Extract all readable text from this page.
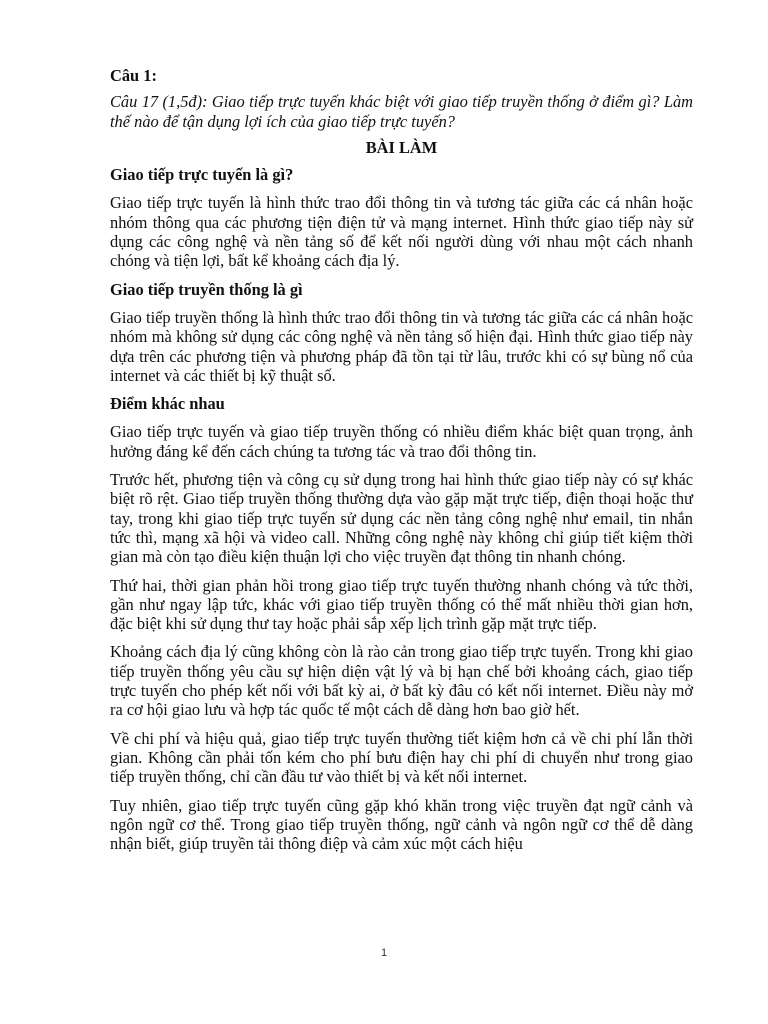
Câu 1:

Câu 17 (1,5đ): Giao tiếp trực tuyến khác biệt với giao tiếp truyền thống ở điểm gì? Làm thế nào để tận dụng lợi ích của giao tiếp trực tuyến?

BÀI LÀM

Giao tiếp trực tuyến là gì?

Giao tiếp trực tuyến là hình thức trao đổi thông tin và tương tác giữa các cá nhân hoặc nhóm thông qua các phương tiện điện tử và mạng internet. Hình thức giao tiếp này sử dụng các công nghệ và nền tảng số để kết nối người dùng với nhau một cách nhanh chóng và tiện lợi, bất kể khoảng cách địa lý.

Giao tiếp truyền thống là gì

Giao tiếp truyền thống là hình thức trao đổi thông tin và tương tác giữa các cá nhân hoặc nhóm mà không sử dụng các công nghệ và nền tảng số hiện đại. Hình thức giao tiếp này dựa trên các phương tiện và phương pháp đã tồn tại từ lâu, trước khi có sự bùng nổ của internet và các thiết bị kỹ thuật số.

Điểm khác nhau

Giao tiếp trực tuyến và giao tiếp truyền thống có nhiều điểm khác biệt quan trọng, ảnh hưởng đáng kể đến cách chúng ta tương tác và trao đổi thông tin.

Trước hết, phương tiện và công cụ sử dụng trong hai hình thức giao tiếp này có sự khác biệt rõ rệt. Giao tiếp truyền thống thường dựa vào gặp mặt trực tiếp, điện thoại hoặc thư tay, trong khi giao tiếp trực tuyến sử dụng các nền tảng công nghệ như email, tin nhắn tức thì, mạng xã hội và video call. Những công nghệ này không chỉ giúp tiết kiệm thời gian mà còn tạo điều kiện thuận lợi cho việc truyền đạt thông tin nhanh chóng.

Thứ hai, thời gian phản hồi trong giao tiếp trực tuyến thường nhanh chóng và tức thời, gần như ngay lập tức, khác với giao tiếp truyền thống có thể mất nhiều thời gian hơn, đặc biệt khi sử dụng thư tay hoặc phải sắp xếp lịch trình gặp mặt trực tiếp.

Khoảng cách địa lý cũng không còn là rào cản trong giao tiếp trực tuyến. Trong khi giao tiếp truyền thống yêu cầu sự hiện diện vật lý và bị hạn chế bởi khoảng cách, giao tiếp trực tuyến cho phép kết nối với bất kỳ ai, ở bất kỳ đâu có kết nối internet. Điều này mở ra cơ hội giao lưu và hợp tác quốc tế một cách dễ dàng hơn bao giờ hết.

Về chi phí và hiệu quả, giao tiếp trực tuyến thường tiết kiệm hơn cả về chi phí lẫn thời gian. Không cần phải tốn kém cho phí bưu điện hay chi phí di chuyển như trong giao tiếp truyền thống, chỉ cần đầu tư vào thiết bị và kết nối internet.

Tuy nhiên, giao tiếp trực tuyến cũng gặp khó khăn trong việc truyền đạt ngữ cảnh và ngôn ngữ cơ thể. Trong giao tiếp truyền thống, ngữ cảnh và ngôn ngữ cơ thể dễ dàng nhận biết, giúp truyền tải thông điệp và cảm xúc một cách hiệu

1
